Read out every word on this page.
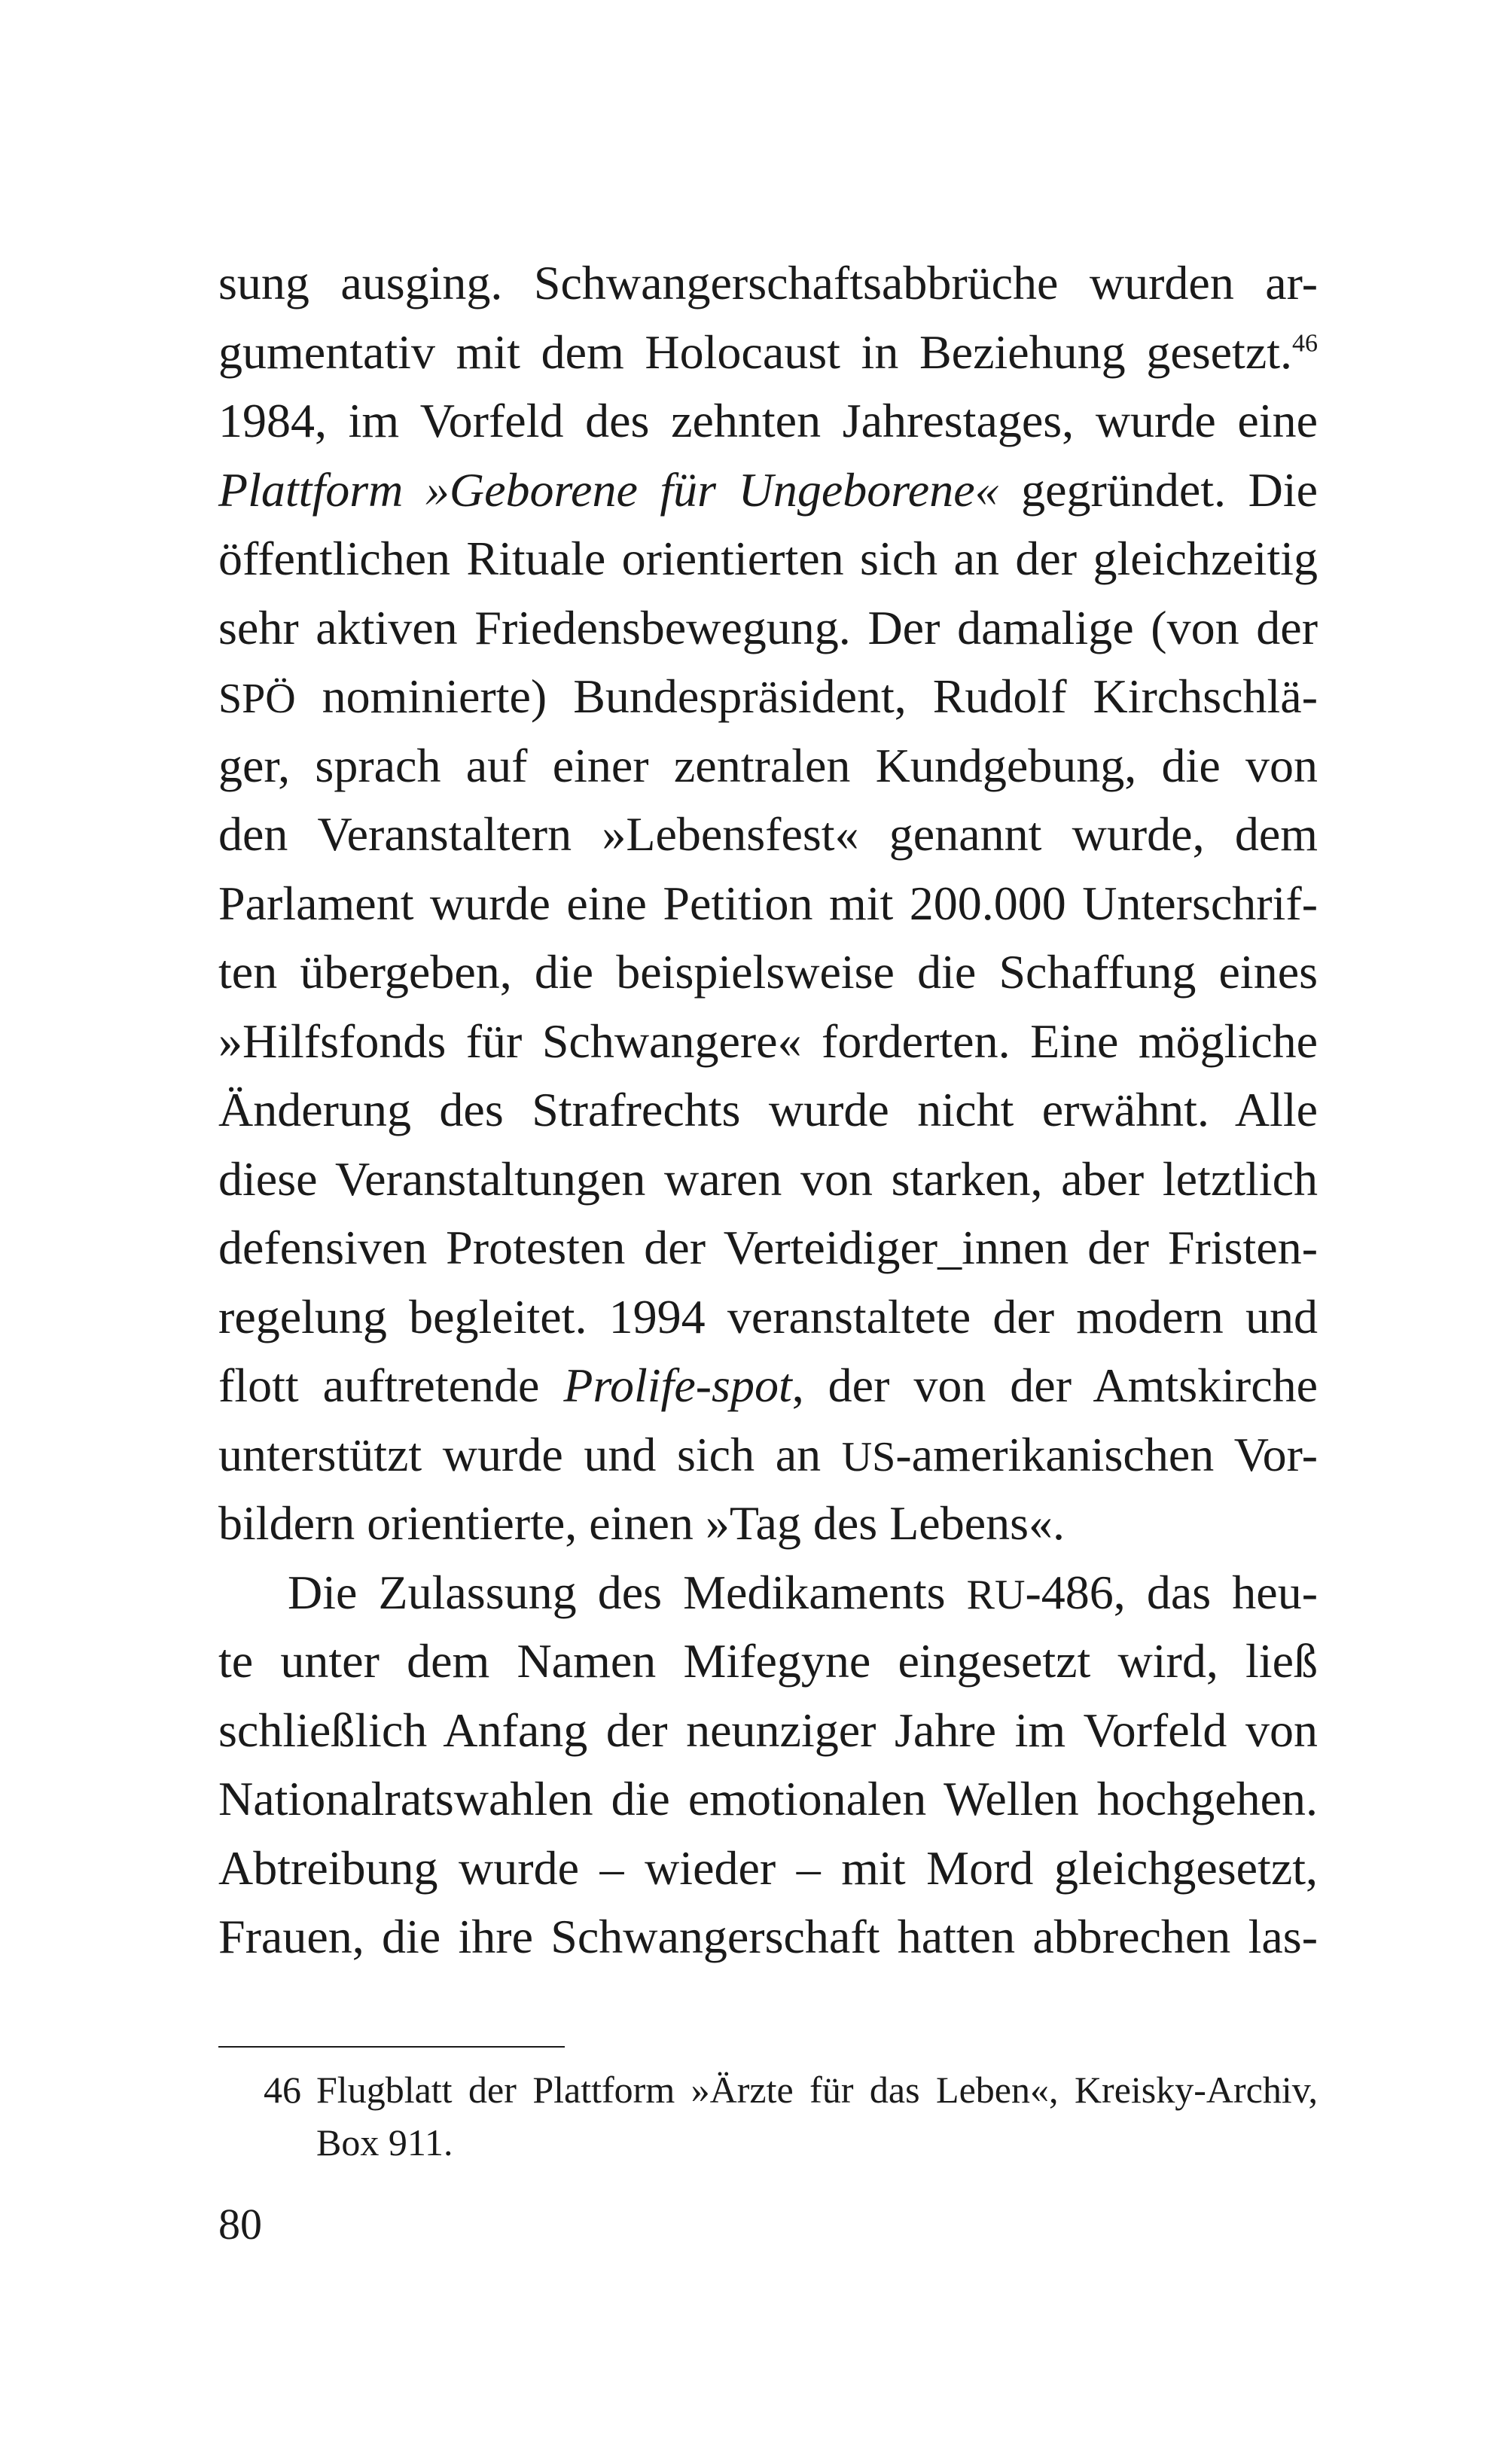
sung ausging. Schwangerschaftsabbrüche wurden ar-
gumentativ mit dem Holocaust in Beziehung gesetzt.$^{46}$
1984, im Vorfeld des zehnten Jahrestages, wurde eine
Plattform »Geborene für Ungeborene« gegründet. Die
öffentlichen Rituale orientierten sich an der gleichzeitig
sehr aktiven Friedensbewegung. Der damalige (von der
SPÖ nominierte) Bundespräsident, Rudolf Kirchschlä-
ger, sprach auf einer zentralen Kundgebung, die von
den Veranstaltern »Lebensfest« genannt wurde, dem
Parlament wurde eine Petition mit 200.000 Unterschrif-
ten übergeben, die beispielsweise die Schaffung eines
»Hilfsfonds für Schwangere« forderten. Eine mögliche
Änderung des Strafrechts wurde nicht erwähnt. Alle
diese Veranstaltungen waren von starken, aber letztlich
defensiven Protesten der Verteidiger_innen der Fristen-
regelung begleitet. 1994 veranstaltete der modern und
flott auftretende Prolife-spot, der von der Amtskirche
unterstützt wurde und sich an US-amerikanischen Vor-
bildern orientierte, einen »Tag des Lebens«.
Die Zulassung des Medikaments RU-486, das heu-
te unter dem Namen Mifegyne eingesetzt wird, ließ
schließlich Anfang der neunziger Jahre im Vorfeld von
Nationalratswahlen die emotionalen Wellen hochgehen.
Abtreibung wurde – wieder – mit Mord gleichgesetzt,
Frauen, die ihre Schwangerschaft hatten abbrechen las-
46 Flugblatt der Plattform »Ärzte für das Leben«, Kreisky-Archiv,
Box 911.
80
